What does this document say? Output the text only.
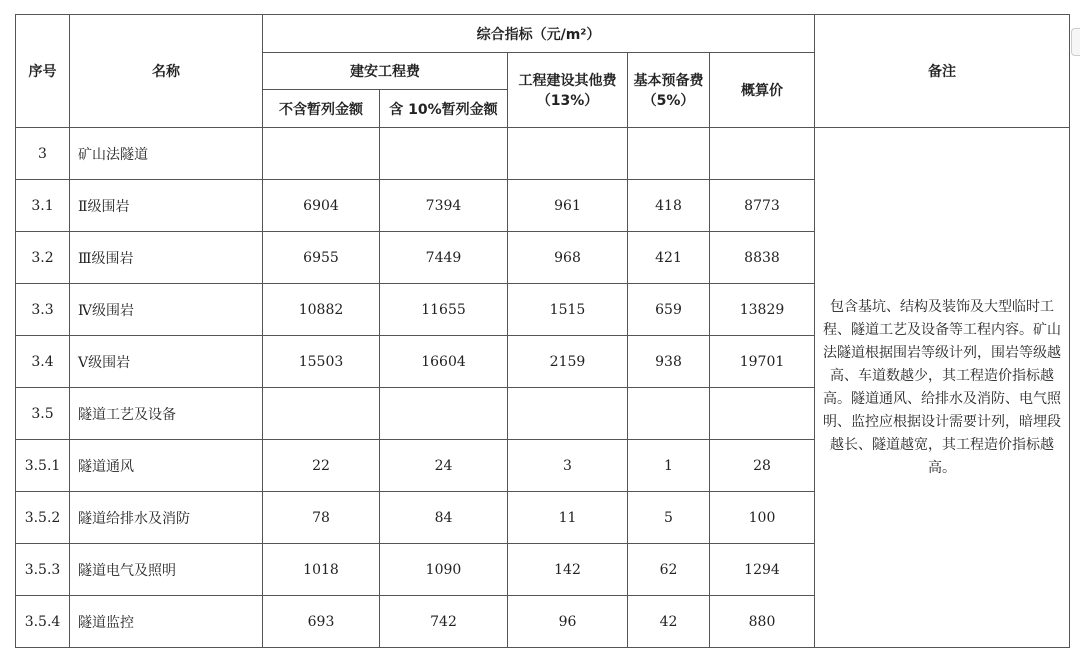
序号	名称	综合指标（元/m²）					备注
		建安工程费		工程建设其他费（13%）	基本预备费（5%）	概算价	
		不含暂列金额	含 10%暂列金额				
3	矿山法隧道						包含基坑、结构及装饰及大型临时工程、隧道工艺及设备等工程内容。矿山法隧道根据围岩等级计列，围岩等级越高、车道数越少，其工程造价指标越高。隧道通风、给排水及消防、电气照明、监控应根据设计需要计列，暗埋段越长、隧道越宽，其工程造价指标越高。
3.1	Ⅱ级围岩	6904	7394	961	418	8773	
3.2	Ⅲ级围岩	6955	7449	968	421	8838	
3.3	Ⅳ级围岩	10882	11655	1515	659	13829	
3.4	Ⅴ级围岩	15503	16604	2159	938	19701	
3.5	隧道工艺及设备						
3.5.1	隧道通风	22	24	3	1	28	
3.5.2	隧道给排水及消防	78	84	11	5	100	
3.5.3	隧道电气及照明	1018	1090	142	62	1294	
3.5.4	隧道监控	693	742	96	42	880	
